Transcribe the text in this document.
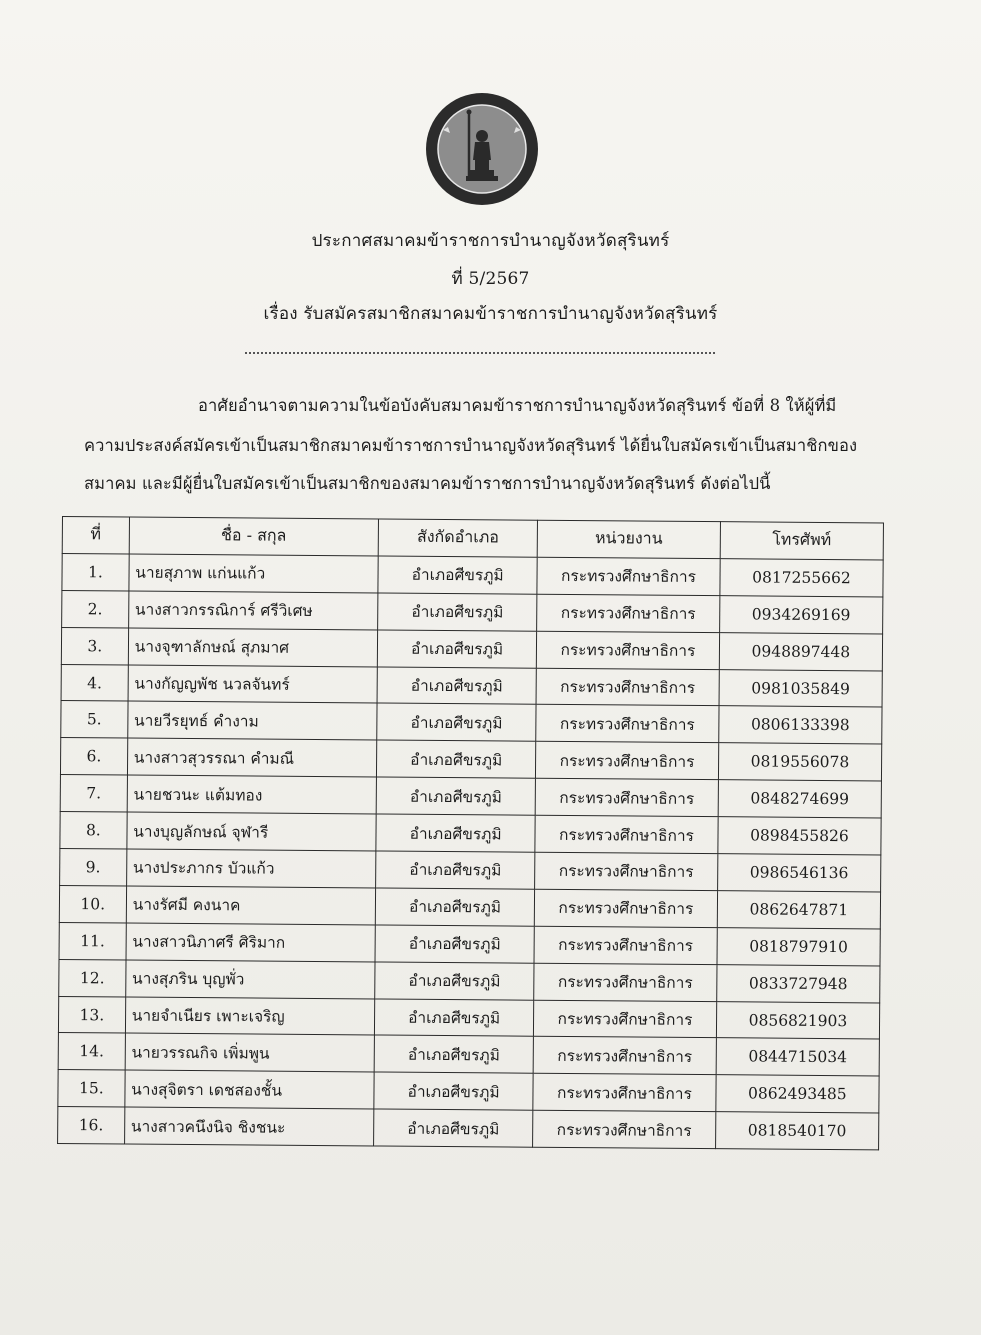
ประกาศสมาคมข้าราชการบำนาญจังหวัดสุรินทร์
ที่ 5/2567
เรื่อง รับสมัครสมาชิกสมาคมข้าราชการบำนาญจังหวัดสุรินทร์
อาศัยอำนาจตามความในข้อบังคับสมาคมข้าราชการบำนาญจังหวัดสุรินทร์ ข้อที่ 8 ให้ผู้ที่มี
ความประสงค์สมัครเข้าเป็นสมาชิกสมาคมข้าราชการบำนาญจังหวัดสุรินทร์ ได้ยื่นใบสมัครเข้าเป็นสมาชิกของ
สมาคม และมีผู้ยื่นใบสมัครเข้าเป็นสมาชิกของสมาคมข้าราชการบำนาญจังหวัดสุรินทร์ ดังต่อไปนี้
ที่	ชื่อ - สกุล	สังกัดอำเภอ	หน่วยงาน	โทรศัพท์
1.	นายสุภาพ แก่นแก้ว	อำเภอศีขรภูมิ	กระทรวงศึกษาธิการ	0817255662
2.	นางสาวกรรณิการ์ ศรีวิเศษ	อำเภอศีขรภูมิ	กระทรวงศึกษาธิการ	0934269169
3.	นางจุฑาลักษณ์ สุภมาศ	อำเภอศีขรภูมิ	กระทรวงศึกษาธิการ	0948897448
4.	นางกัญญพัช นวลจันทร์	อำเภอศีขรภูมิ	กระทรวงศึกษาธิการ	0981035849
5.	นายวีรยุทธ์ คำงาม	อำเภอศีขรภูมิ	กระทรวงศึกษาธิการ	0806133398
6.	นางสาวสุวรรณา คำมณี	อำเภอศีขรภูมิ	กระทรวงศึกษาธิการ	0819556078
7.	นายชวนะ แต้มทอง	อำเภอศีขรภูมิ	กระทรวงศึกษาธิการ	0848274699
8.	นางบุญลักษณ์ จุฬารี	อำเภอศีขรภูมิ	กระทรวงศึกษาธิการ	0898455826
9.	นางประภากร บัวแก้ว	อำเภอศีขรภูมิ	กระทรวงศึกษาธิการ	0986546136
10.	นางรัศมี คงนาค	อำเภอศีขรภูมิ	กระทรวงศึกษาธิการ	0862647871
11.	นางสาวนิภาศรี ศิริมาก	อำเภอศีขรภูมิ	กระทรวงศึกษาธิการ	0818797910
12.	นางสุภริน บุญพั่ว	อำเภอศีขรภูมิ	กระทรวงศึกษาธิการ	0833727948
13.	นายจำเนียร เพาะเจริญ	อำเภอศีขรภูมิ	กระทรวงศึกษาธิการ	0856821903
14.	นายวรรณกิจ เพิ่มพูน	อำเภอศีขรภูมิ	กระทรวงศึกษาธิการ	0844715034
15.	นางสุจิตรา เดชสองชั้น	อำเภอศีขรภูมิ	กระทรวงศึกษาธิการ	0862493485
16.	นางสาวคนึงนิจ ชิงชนะ	อำเภอศีขรภูมิ	กระทรวงศึกษาธิการ	0818540170
